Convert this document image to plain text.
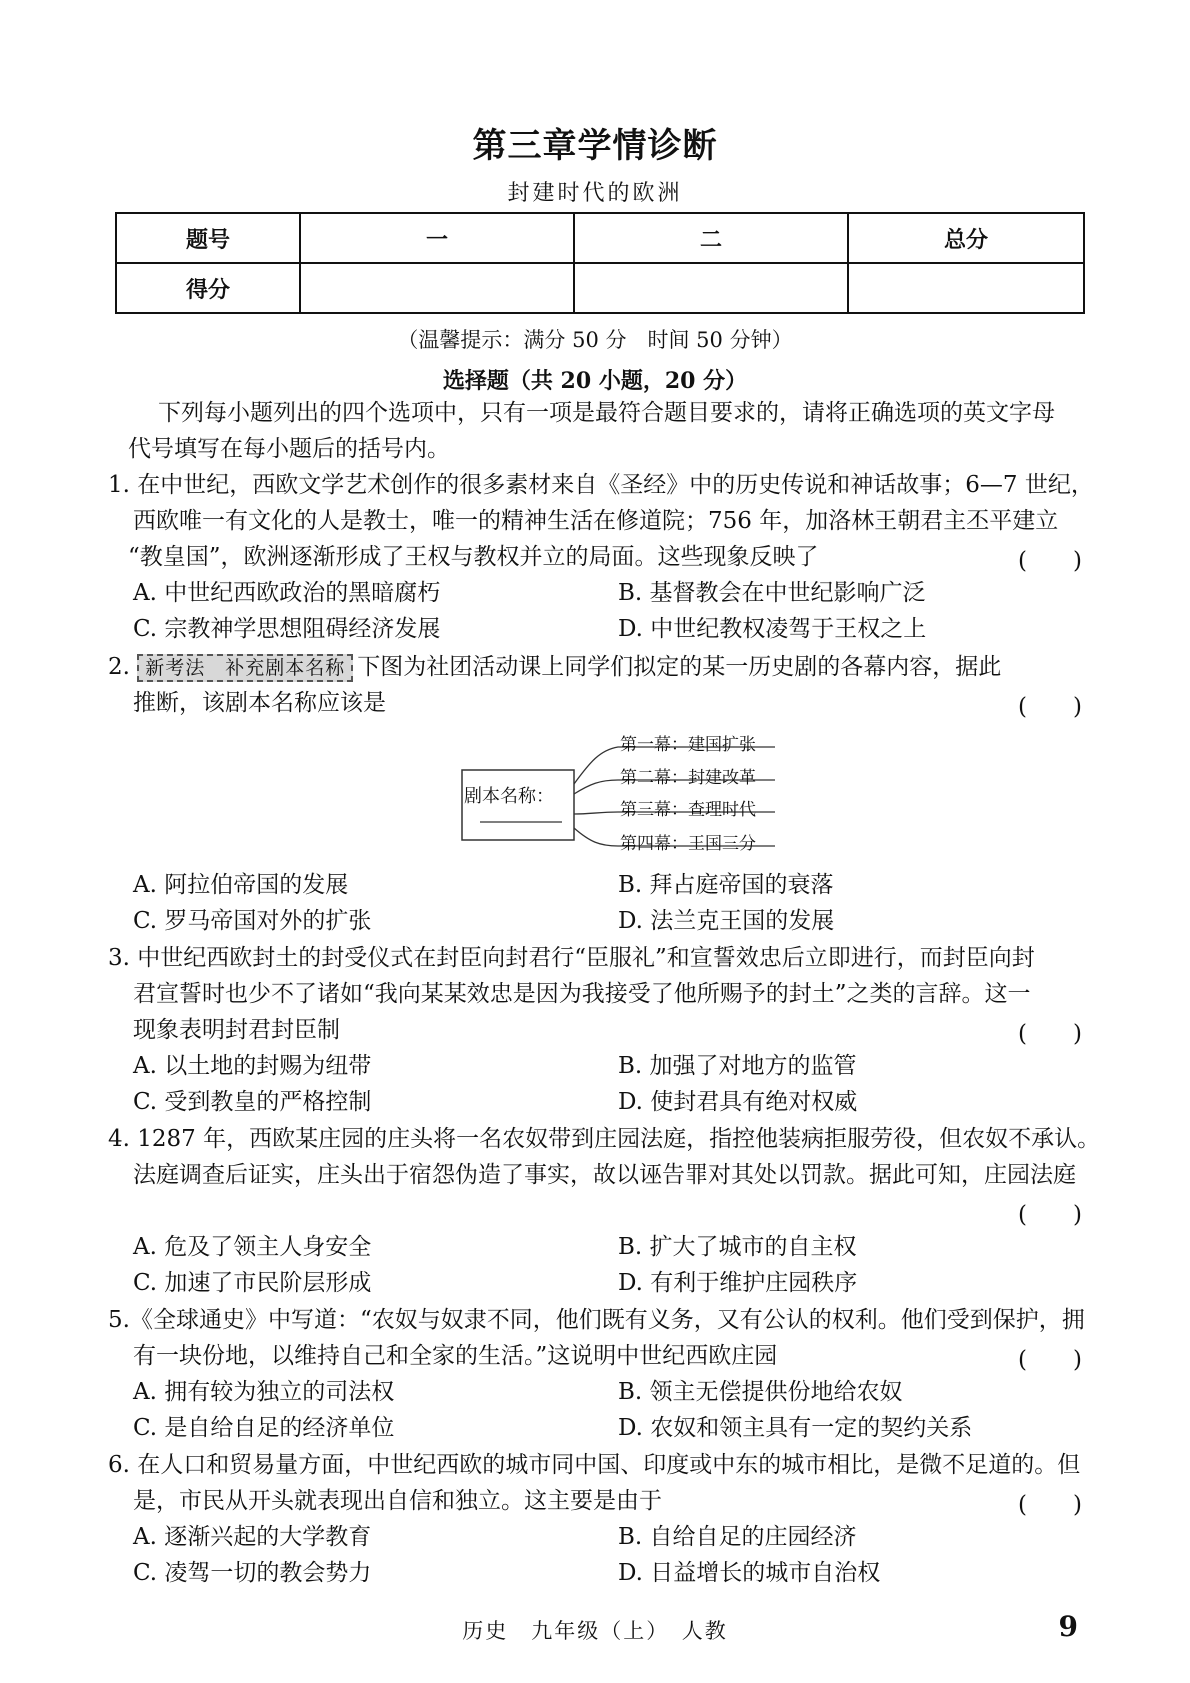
第三章学情诊断
封建时代的欧洲
题号	一	二	总分
得分			
（温馨提示：满分 50 分　时间 50 分钟）
选择题（共 20 小题，20 分）
下列每小题列出的四个选项中，只有一项是最符合题目要求的，请将正确选项的英文字母
代号填写在每小题后的括号内。
1. 在中世纪，西欧文学艺术创作的很多素材来自《圣经》中的历史传说和神话故事；6—7 世纪，
西欧唯一有文化的人是教士，唯一的精神生活在修道院；756 年，加洛林王朝君主丕平建立
“教皇国”，欧洲逐渐形成了王权与教权并立的局面。这些现象反映了	(　　)
A. 中世纪西欧政治的黑暗腐朽	B. 基督教会在中世纪影响广泛
C. 宗教神学思想阻碍经济发展	D. 中世纪教权凌驾于王权之上
2. 新考法　补充剧本名称 下图为社团活动课上同学们拟定的某一历史剧的各幕内容，据此
推断，该剧本名称应该是	(　　)
剧本名称：
第一幕：建国扩张
第二幕：封建改革
第三幕：查理时代
第四幕：王国三分
A. 阿拉伯帝国的发展	B. 拜占庭帝国的衰落
C. 罗马帝国对外的扩张	D. 法兰克王国的发展
3. 中世纪西欧封土的封受仪式在封臣向封君行“臣服礼”和宣誓效忠后立即进行，而封臣向封
君宣誓时也少不了诸如“我向某某效忠是因为我接受了他所赐予的封土”之类的言辞。这一
现象表明封君封臣制	(　　)
A. 以土地的封赐为纽带	B. 加强了对地方的监管
C. 受到教皇的严格控制	D. 使封君具有绝对权威
4. 1287 年，西欧某庄园的庄头将一名农奴带到庄园法庭，指控他装病拒服劳役，但农奴不承认。
法庭调查后证实，庄头出于宿怨伪造了事实，故以诬告罪对其处以罚款。据此可知，庄园法庭
(　　)
A. 危及了领主人身安全	B. 扩大了城市的自主权
C. 加速了市民阶层形成	D. 有利于维护庄园秩序
5.《全球通史》中写道：“农奴与奴隶不同，他们既有义务，又有公认的权利。他们受到保护，拥
有一块份地，以维持自己和全家的生活。”这说明中世纪西欧庄园	(　　)
A. 拥有较为独立的司法权	B. 领主无偿提供份地给农奴
C. 是自给自足的经济单位	D. 农奴和领主具有一定的契约关系
6. 在人口和贸易量方面，中世纪西欧的城市同中国、印度或中东的城市相比，是微不足道的。但
是，市民从开头就表现出自信和独立。这主要是由于	(　　)
A. 逐渐兴起的大学教育	B. 自给自足的庄园经济
C. 凌驾一切的教会势力	D. 日益增长的城市自治权
历史　九年级（上）　人教	9
